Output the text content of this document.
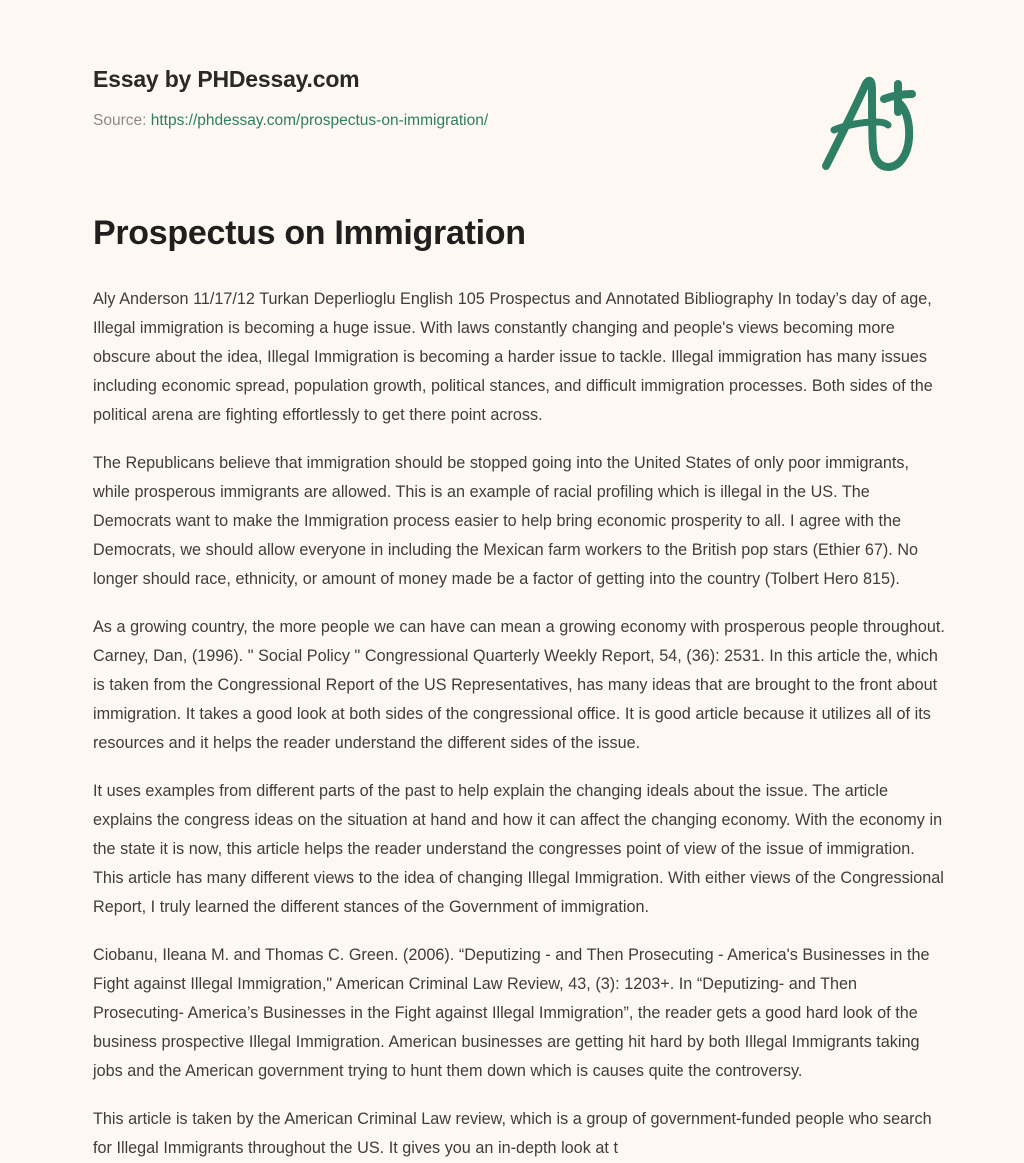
Essay by PHDessay.com
Source: https://phdessay.com/prospectus-on-immigration/
Prospectus on Immigration

Aly Anderson 11/17/12 Turkan Deperlioglu English 105 Prospectus and Annotated Bibliography In today’s day of age, Illegal immigration is becoming a huge issue. With laws constantly changing and people's views becoming more obscure about the idea, Illegal Immigration is becoming a harder issue to tackle. Illegal immigration has many issues including economic spread, population growth, political stances, and difficult immigration processes. Both sides of the political arena are fighting effortlessly to get there point across.

The Republicans believe that immigration should be stopped going into the United States of only poor immigrants, while prosperous immigrants are allowed. This is an example of racial profiling which is illegal in the US. The Democrats want to make the Immigration process easier to help bring economic prosperity to all. I agree with the Democrats, we should allow everyone in including the Mexican farm workers to the British pop stars (Ethier 67). No longer should race, ethnicity, or amount of money made be a factor of getting into the country (Tolbert Hero 815).

As a growing country, the more people we can have can mean a growing economy with prosperous people throughout. Carney, Dan, (1996). " Social Policy " Congressional Quarterly Weekly Report, 54, (36): 2531. In this article the, which is taken from the Congressional Report of the US Representatives, has many ideas that are brought to the front about immigration. It takes a good look at both sides of the congressional office. It is good article because it utilizes all of its resources and it helps the reader understand the different sides of the issue.

It uses examples from different parts of the past to help explain the changing ideals about the issue. The article explains the congress ideas on the situation at hand and how it can affect the changing economy. With the economy in the state it is now, this article helps the reader understand the congresses point of view of the issue of immigration. This article has many different views to the idea of changing Illegal Immigration. With either views of the Congressional Report, I truly learned the different stances of the Government of immigration.

Ciobanu, Ileana M. and Thomas C. Green. (2006). “Deputizing - and Then Prosecuting - America's Businesses in the Fight against Illegal Immigration," American Criminal Law Review, 43, (3): 1203+. In “Deputizing- and Then Prosecuting- America’s Businesses in the Fight against Illegal Immigration”, the reader gets a good hard look of the business prospective Illegal Immigration. American businesses are getting hit hard by both Illegal Immigrants taking jobs and the American government trying to hunt them down which is causes quite the controversy.

This article is taken by the American Criminal Law review, which is a group of government-funded people who search for Illegal Immigrants throughout the US. It gives you an in-depth look at t
